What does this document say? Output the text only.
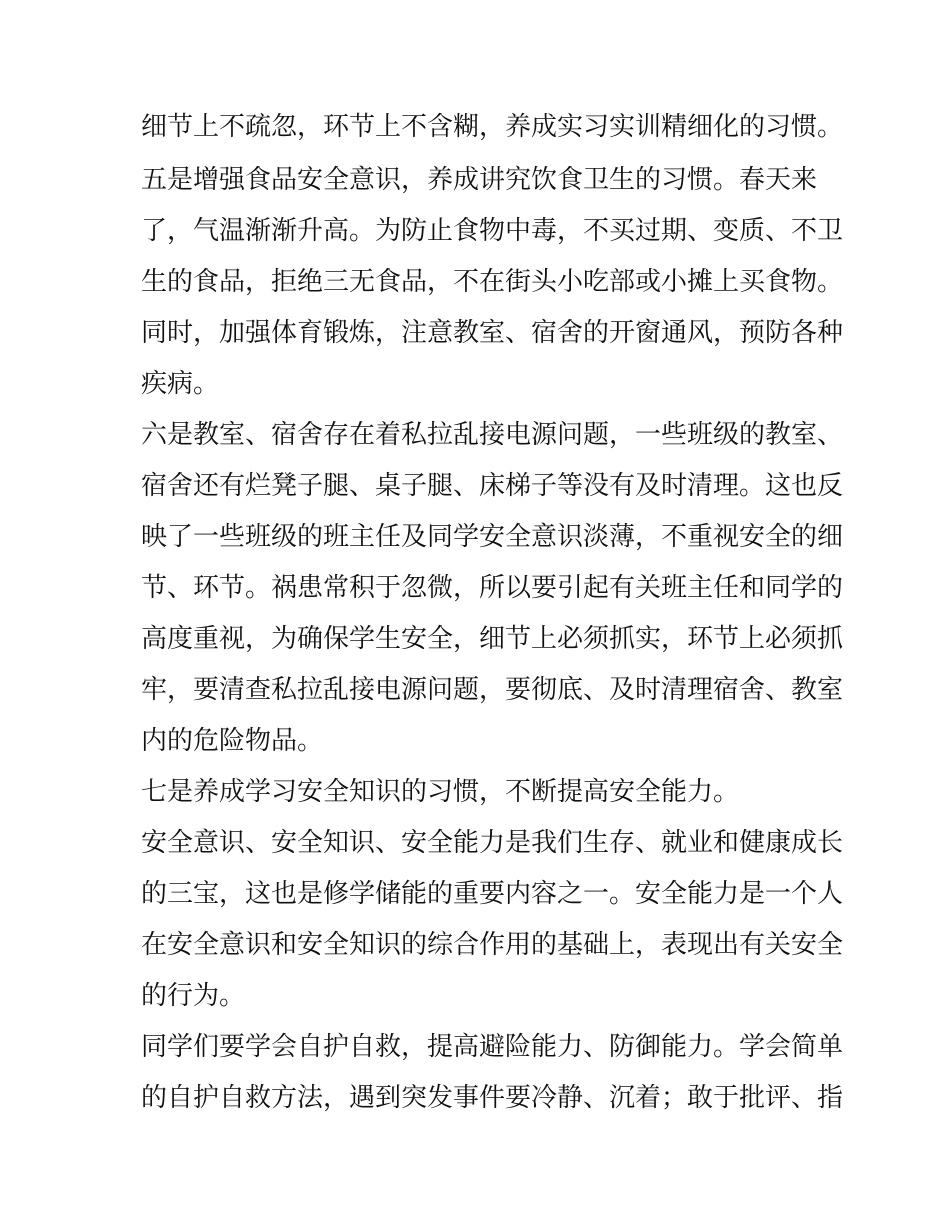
细节上不疏忽，环节上不含糊，养成实习实训精细化的习惯。

五是增强食品安全意识，养成讲究饮食卫生的习惯。春天来

了，气温渐渐升高。为防止食物中毒，不买过期、变质、不卫

生的食品，拒绝三无食品，不在街头小吃部或小摊上买食物。

同时，加强体育锻炼，注意教室、宿舍的开窗通风，预防各种

疾病。

六是教室、宿舍存在着私拉乱接电源问题，一些班级的教室、

宿舍还有烂凳子腿、桌子腿、床梯子等没有及时清理。这也反

映了一些班级的班主任及同学安全意识淡薄，不重视安全的细

节、环节。祸患常积于忽微，所以要引起有关班主任和同学的

高度重视，为确保学生安全，细节上必须抓实，环节上必须抓

牢，要清查私拉乱接电源问题，要彻底、及时清理宿舍、教室

内的危险物品。

七是养成学习安全知识的习惯，不断提高安全能力。

安全意识、安全知识、安全能力是我们生存、就业和健康成长

的三宝，这也是修学储能的重要内容之一。安全能力是一个人

在安全意识和安全知识的综合作用的基础上，表现出有关安全

的行为。

同学们要学会自护自救，提高避险能力、防御能力。学会简单

的自护自救方法，遇到突发事件要冷静、沉着；敢于批评、指
